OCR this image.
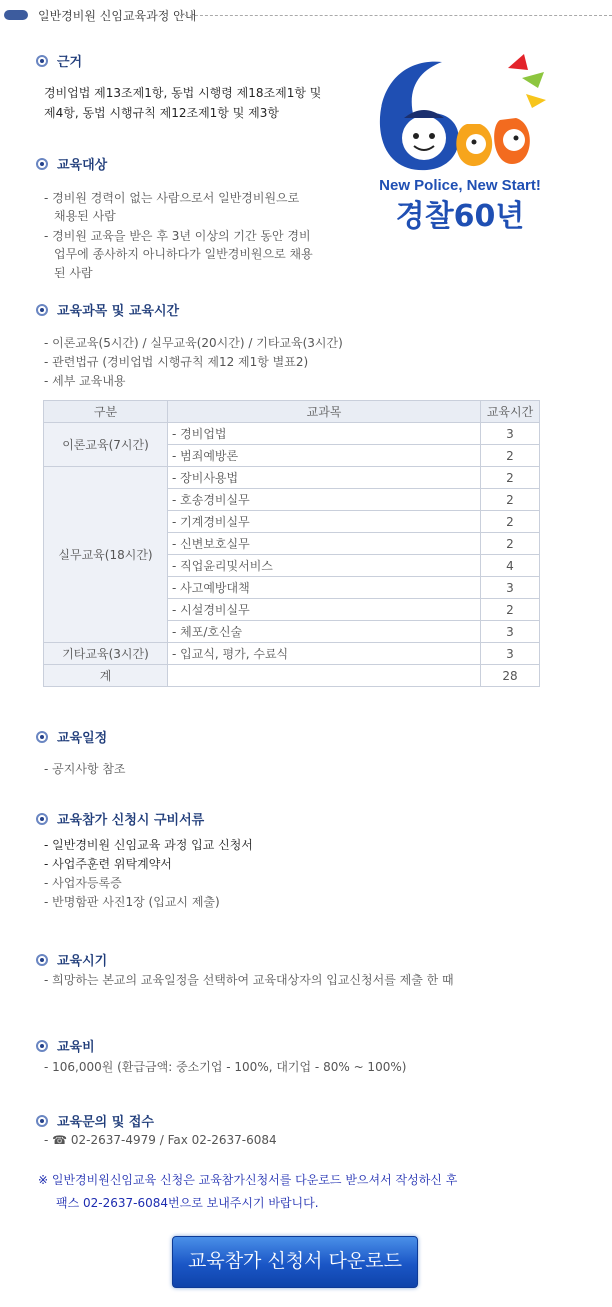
일반경비원 신임교육과정 안내
New Police, New Start!
경찰60년
근거
경비업법 제13조제1항, 동법 시행령 제18조제1항 및
제4항, 동법 시행규칙 제12조제1항 및 제3항
교육대상
- 경비원 경력이 없는 사람으로서 일반경비원으로
채용된 사람
- 경비원 교육을 받은 후 3년 이상의 기간 동안 경비
업무에 종사하지 아니하다가 일반경비원으로 채용
된 사람
교육과목 및 교육시간
- 이론교육(5시간) / 실무교육(20시간) / 기타교육(3시간)
- 관련법규 (경비업법 시행규칙 제12 제1항 별표2)
- 세부 교육내용
구분	교과목	교육시간
이론교육(7시간)	- 경비업법	3
	- 범죄예방론	2
실무교육(18시간)	- 장비사용법	2
	- 호송경비실무	2
	- 기계경비실무	2
	- 신변보호실무	2
	- 직업윤리및서비스	4
	- 사고예방대책	3
	- 시설경비실무	2
	- 체포/호신술	3
기타교육(3시간)	- 입교식, 평가, 수료식	3
계		28
교육일정
- 공지사항 참조
교육참가 신청시 구비서류
- 일반경비원 신임교육 과정 입교 신청서
- 사업주훈련 위탁계약서
- 사업자등록증
- 반명함판 사진1장 (입교시 제출)
교육시기
- 희망하는 본교의 교육일정을 선택하여 교육대상자의 입교신청서를 제출 한 때
교육비
- 106,000원 (환급금액: 중소기업 - 100%, 대기업 - 80% ~ 100%)
교육문의 및 접수
- ☎ 02-2637-4979 / Fax 02-2637-6084
※ 일반경비원신임교육 신청은 교육참가신청서를 다운로드 받으셔서 작성하신 후
팩스 02-2637-6084번으로 보내주시기 바랍니다.
교육참가 신청서 다운로드
